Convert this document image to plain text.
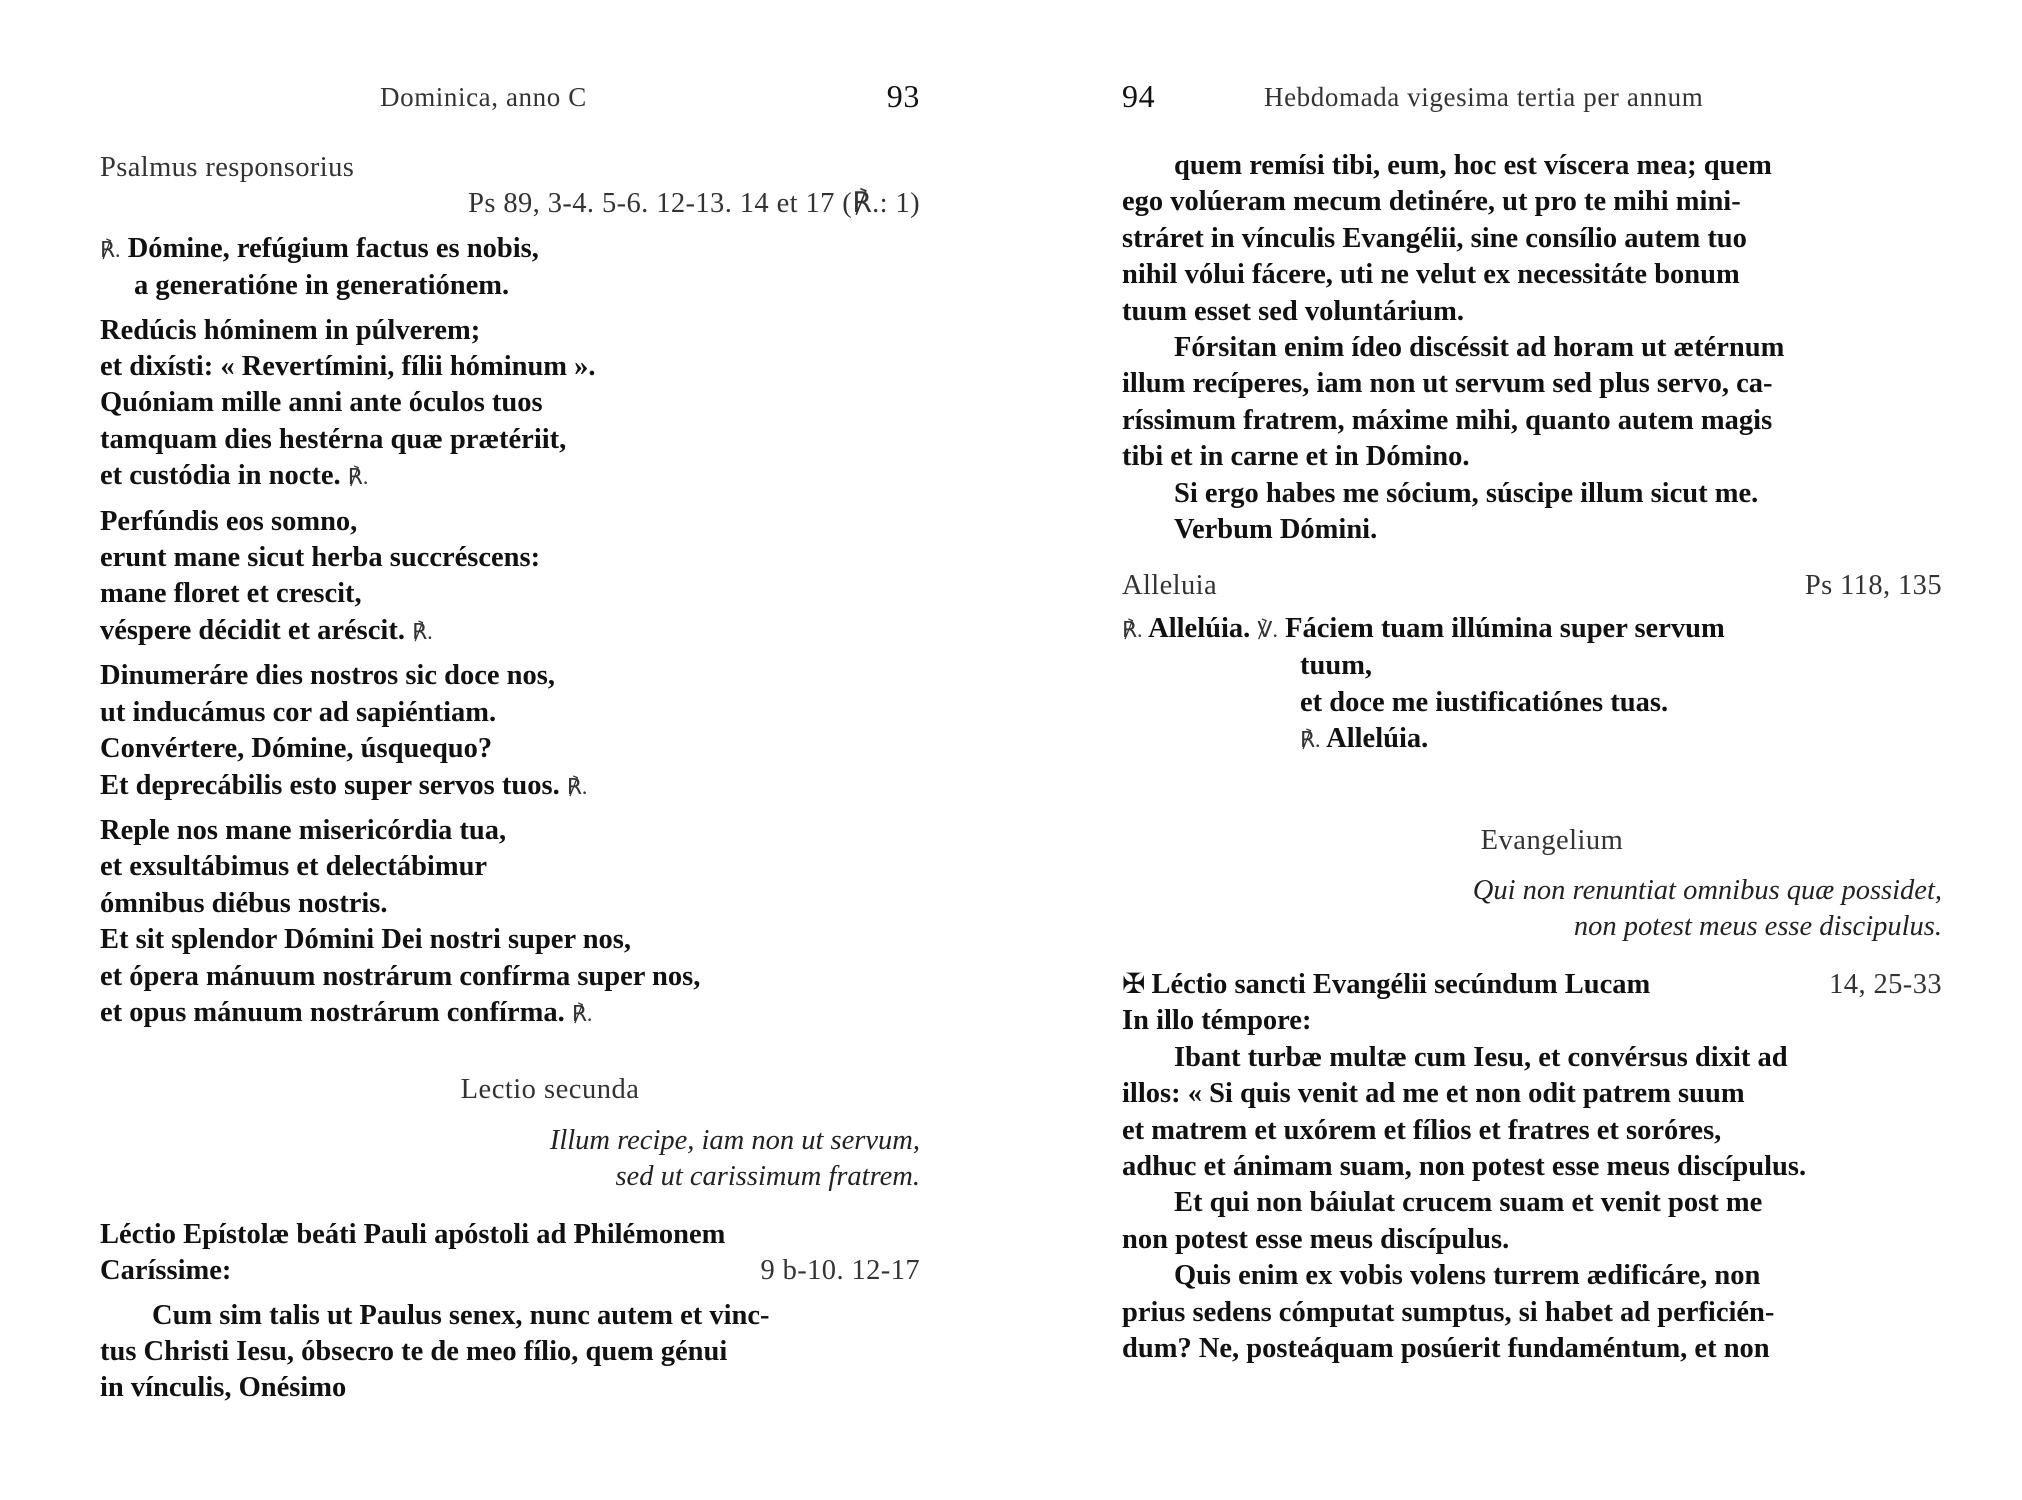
Dominica, anno C	93
Psalmus responsorius
Ps 89, 3-4. 5-6. 12-13. 14 et 17 (℟.: 1)
℟. Dómine, refúgium factus es nobis,
a generatióne in generatiónem.
Redúcis hóminem in púlverem;
et dixísti: « Revertímini, fílii hóminum ».
Quóniam mille anni ante óculos tuos
tamquam dies hestérna quæ prætériit,
et custódia in nocte. ℟.
Perfúndis eos somno,
erunt mane sicut herba succréscens:
mane floret et crescit,
véspere décidit et aréscit. ℟.
Dinumeráre dies nostros sic doce nos,
ut inducámus cor ad sapiéntiam.
Convértere, Dómine, úsquequo?
Et deprecábilis esto super servos tuos. ℟.
Reple nos mane misericórdia tua,
et exsultábimus et delectábimur
ómnibus diébus nostris.
Et sit splendor Dómini Dei nostri super nos,
et ópera mánuum nostrárum confírma super nos,
et opus mánuum nostrárum confírma. ℟.
Lectio secunda
Illum recipe, iam non ut servum,
sed ut carissimum fratrem.
Léctio Epístolæ beáti Pauli apóstoli ad Philémonem
Caríssime:	9 b-10. 12-17
Cum sim talis ut Paulus senex, nunc autem et vinc-
tus Christi Iesu, óbsecro te de meo fílio, quem génui
in vínculis, Onésimo
94	Hebdomada vigesima tertia per annum
quem remísi tibi, eum, hoc est víscera mea; quem
ego volúeram mecum detinére, ut pro te mihi mini-
stráret in vínculis Evangélii, sine consílio autem tuo
nihil vólui fácere, uti ne velut ex necessitáte bonum
tuum esset sed voluntárium.
Fórsitan enim ídeo discéssit ad horam ut ætérnum
illum recíperes, iam non ut servum sed plus servo, ca-
ríssimum fratrem, máxime mihi, quanto autem magis
tibi et in carne et in Dómino.
Si ergo habes me sócium, súscipe illum sicut me.
Verbum Dómini.
Alleluia	Ps 118, 135
℟. Allelúia. ℣. Fáciem tuam illúmina super servum
tuum,
et doce me iustificatiónes tuas.
℟. Allelúia.
Evangelium
Qui non renuntiat omnibus quæ possidet,
non potest meus esse discipulus.
✠ Léctio sancti Evangélii secúndum Lucam	14, 25-33
In illo témpore:
Ibant turbæ multæ cum Iesu, et convérsus dixit ad
illos: « Si quis venit ad me et non odit patrem suum
et matrem et uxórem et fílios et fratres et soróres,
adhuc et ánimam suam, non potest esse meus discípulus.
Et qui non báiulat crucem suam et venit post me
non potest esse meus discípulus.
Quis enim ex vobis volens turrem ædificáre, non
prius sedens cómputat sumptus, si habet ad perficién-
dum? Ne, posteáquam posúerit fundaméntum, et non
